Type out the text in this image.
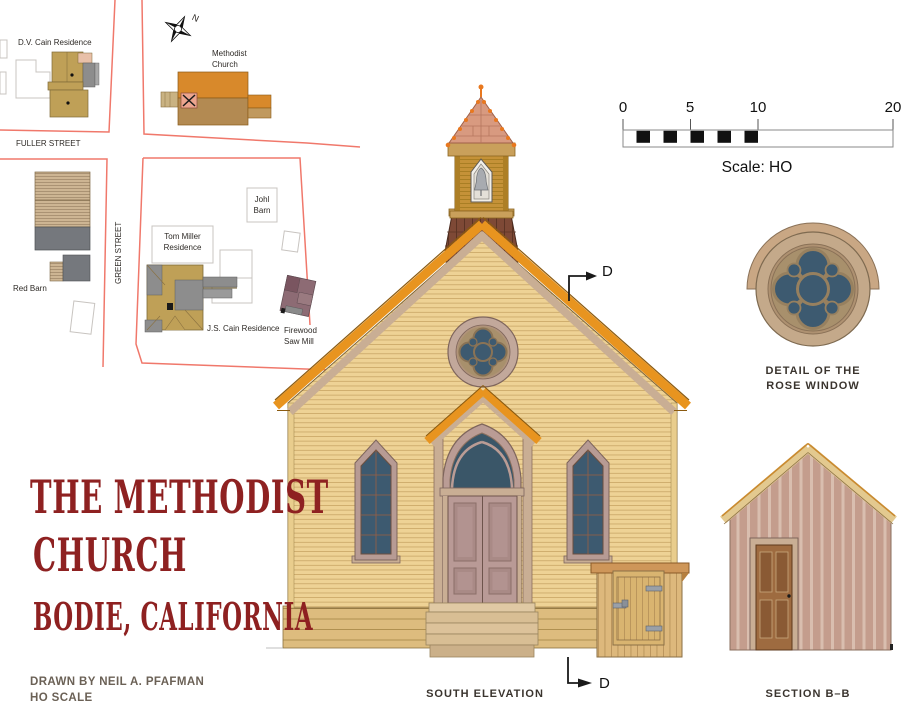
D.V. Cain Residence
Methodist
Church
FULLER STREET
GREEN STREET
Red Barn
Tom Miller
Residence
Johl
Barn
J.S. Cain Residence Firewood
Saw Mill
N
0	5	10	20
Scale: HO
D
D
SOUTH ELEVATION
DETAIL OF THE
ROSE WINDOW
SECTION B–B
THE METHODIST
CHURCH
BODIE, CALIFORNIA
DRAWN BY NEIL A. PFAFMAN
HO SCALE
